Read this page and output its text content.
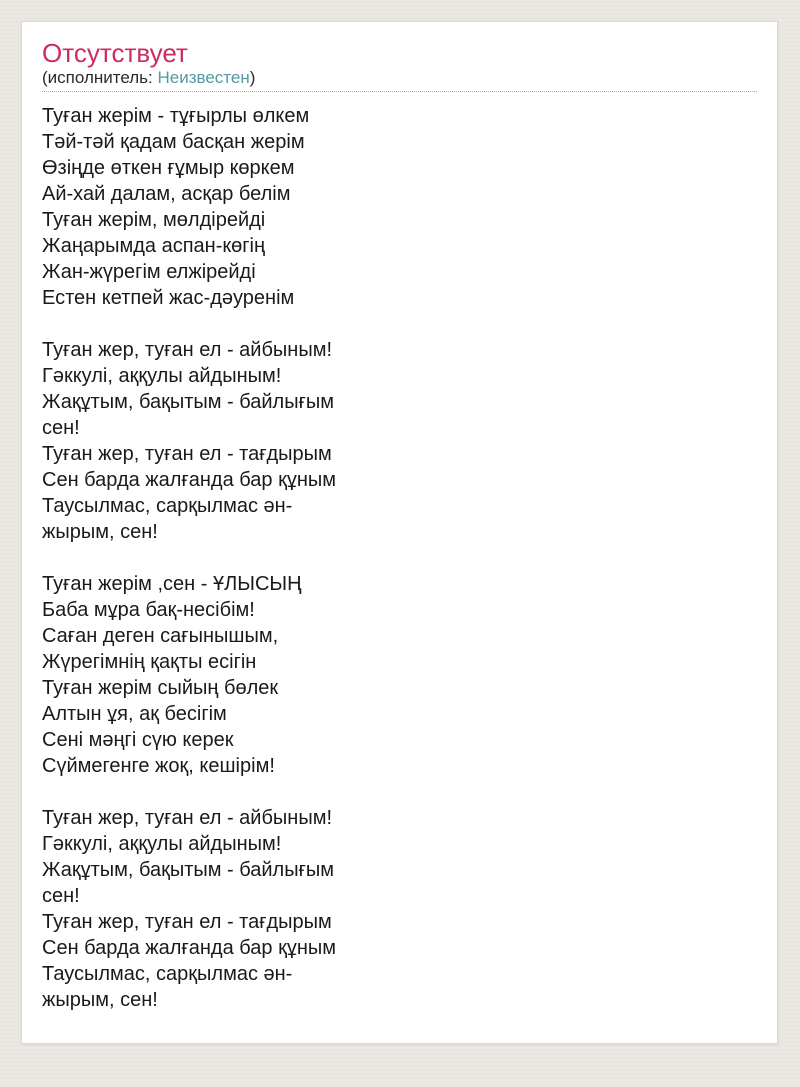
Отсутствует
(исполнитель: Неизвестен)
Туған жерім - тұғырлы өлкем
Тәй-тәй қадам басқан жерім
Өзіңде өткен ғұмыр көркем
Ай-хай далам, асқар белім
Туған жерім, мөлдірейді
Жаңарымда аспан-көгің
Жан-жүрегім елжірейді
Естен кетпей жас-дәуренім
Туған жер, туған ел - айбыным!
Гәккулі, аққулы айдыным!
Жақұтым, бақытым - байлығым
сен!
Туған жер, туған ел - тағдырым
Сен барда жалғанда бар құным
Таусылмас, сарқылмас ән-
жырым, сен!
Туған жерім ,сен - ҰЛЫСЫҢ
Баба мұра бақ-несібім!
Саған деген сағынышым,
Жүрегімнің қақты есігін
Туған жерім сыйың бөлек
Алтын ұя, ақ бесігім
Сені мәңгі сүю керек
Сүймегенге жоқ, кешірім!
Туған жер, туған ел - айбыным!
Гәккулі, аққулы айдыным!
Жақұтым, бақытым - байлығым
сен!
Туған жер, туған ел - тағдырым
Сен барда жалғанда бар құным
Таусылмас, сарқылмас ән-
жырым, сен!
